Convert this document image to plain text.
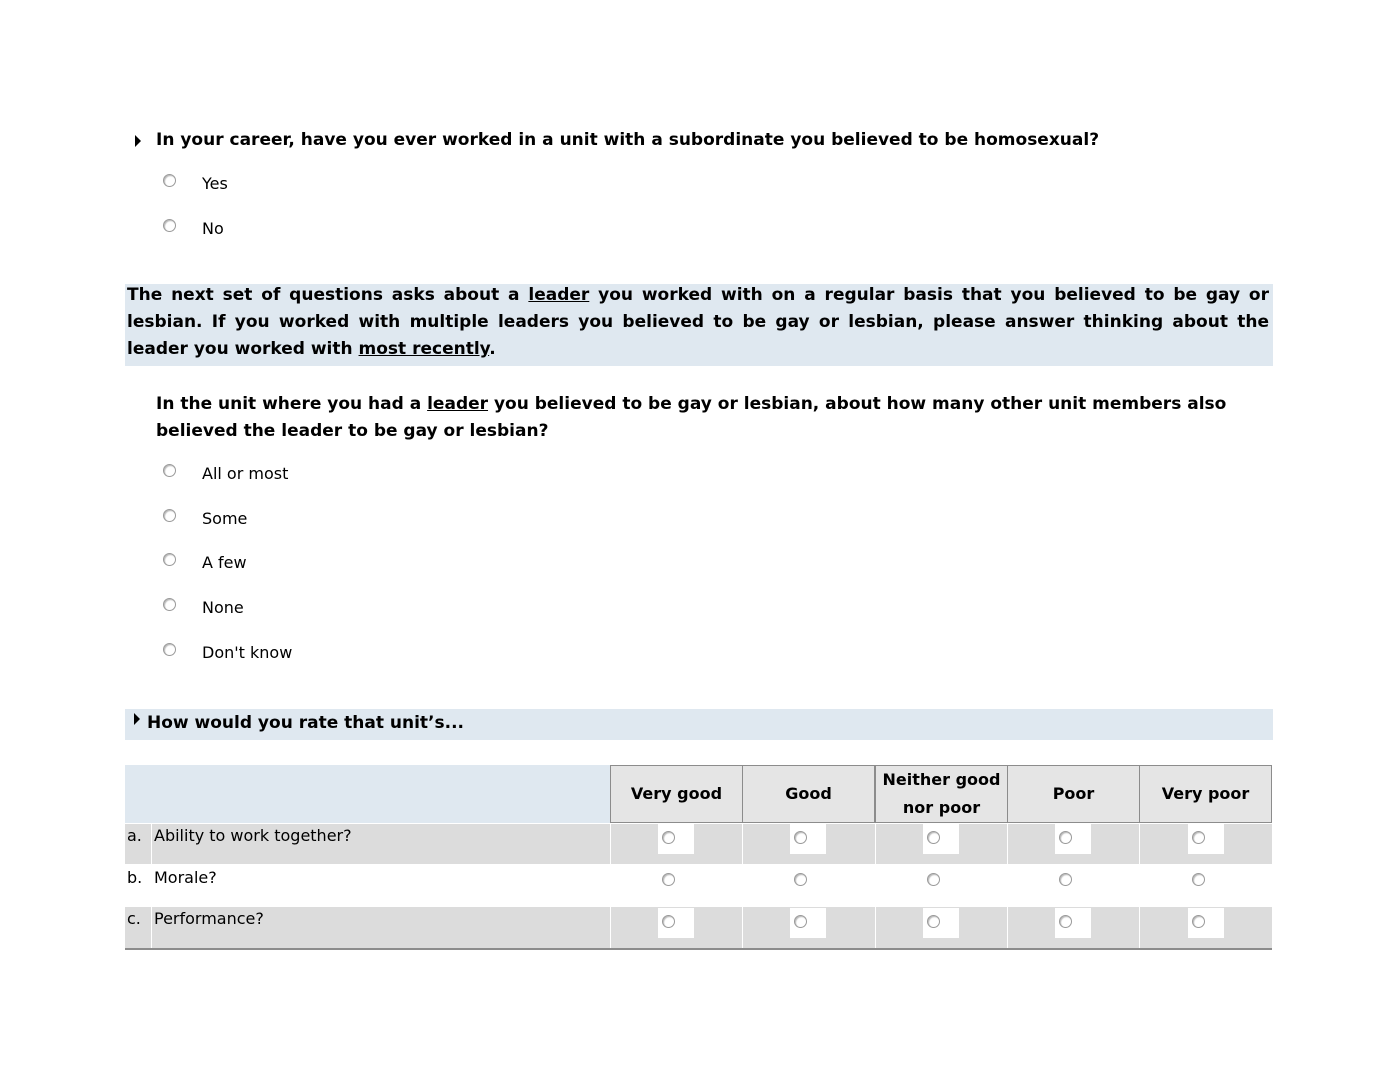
In your career, have you ever worked in a unit with a subordinate you believed to be homosexual?
Yes
No
The next set of questions asks about a leader you worked with on a regular basis that you believed to be gay or lesbian. If you worked with multiple leaders you believed to be gay or lesbian, please answer thinking about the leader you worked with most recently.
In the unit where you had a leader you believed to be gay or lesbian, about how many other unit members also believed the leader to be gay or lesbian?
All or most
Some
A few
None
Don't know
How would you rate that unit’s...
Very good	Good
Neither good nor poor
Poor	Very poor
a. Ability to work together?
b. Morale?
c. Performance?
